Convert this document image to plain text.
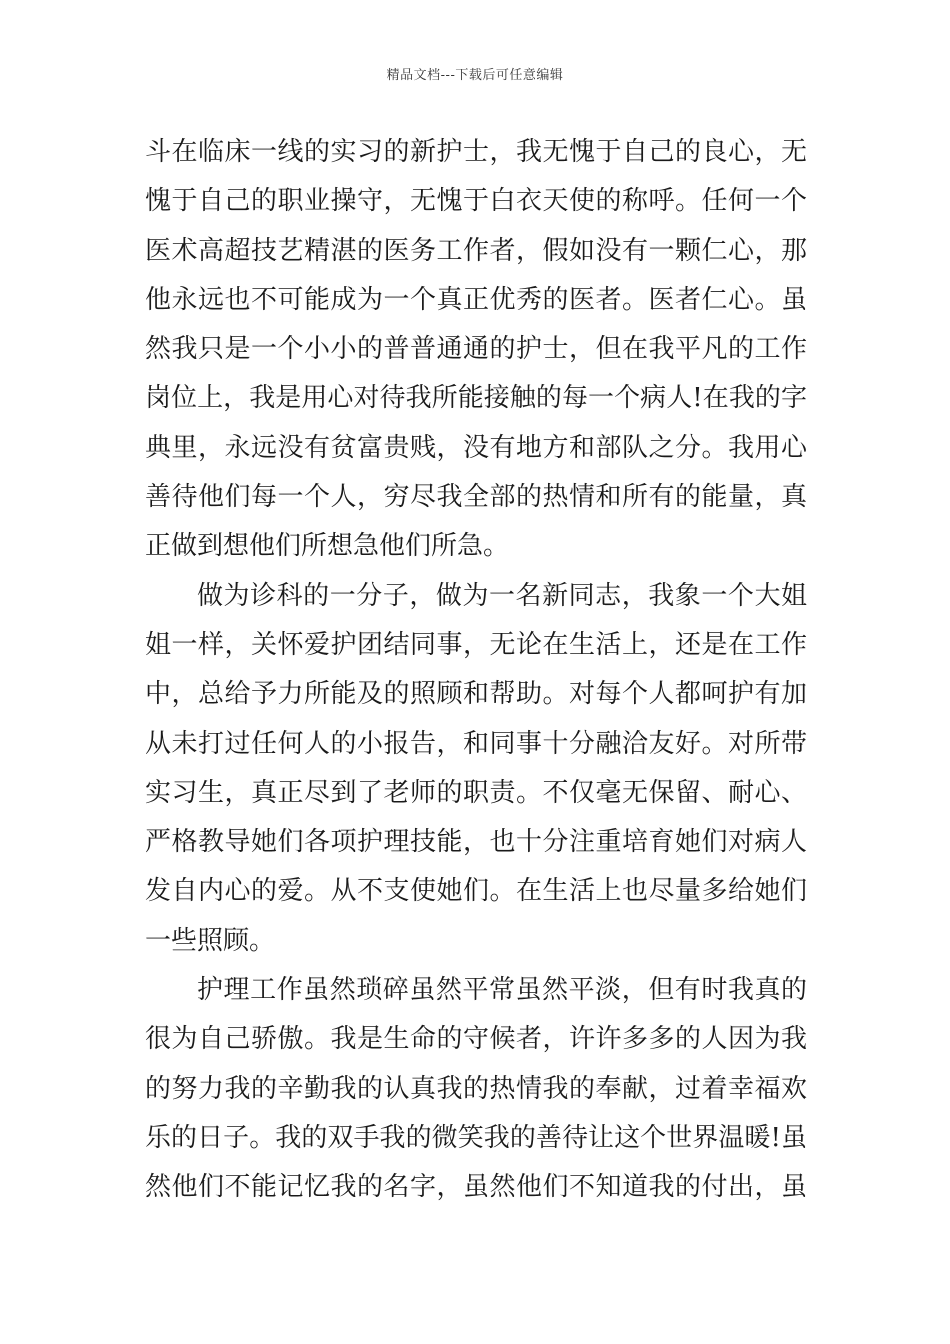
精品文档---下载后可任意编辑
斗在临床一线的实习的新护士，我无愧于自己的良心，无
愧于自己的职业操守，无愧于白衣天使的称呼。任何一个
医术高超技艺精湛的医务工作者，假如没有一颗仁心，那
他永远也不可能成为一个真正优秀的医者。医者仁心。虽
然我只是一个小小的普普通通的护士，但在我平凡的工作
岗位上，我是用心对待我所能接触的每一个病人!在我的字
典里，永远没有贫富贵贱，没有地方和部队之分。我用心
善待他们每一个人，穷尽我全部的热情和所有的能量，真
正做到想他们所想急他们所急。
做为诊科的一分子，做为一名新同志，我象一个大姐
姐一样，关怀爱护团结同事，无论在生活上，还是在工作
中，总给予力所能及的照顾和帮助。对每个人都呵护有加
从未打过任何人的小报告，和同事十分融洽友好。对所带
实习生，真正尽到了老师的职责。不仅毫无保留、耐心、
严格教导她们各项护理技能，也十分注重培育她们对病人
发自内心的爱。从不支使她们。在生活上也尽量多给她们
一些照顾。
护理工作虽然琐碎虽然平常虽然平淡，但有时我真的
很为自己骄傲。我是生命的守候者，许许多多的人因为我
的努力我的辛勤我的认真我的热情我的奉献，过着幸福欢
乐的日子。我的双手我的微笑我的善待让这个世界温暖!虽
然他们不能记忆我的名字，虽然他们不知道我的付出，虽
